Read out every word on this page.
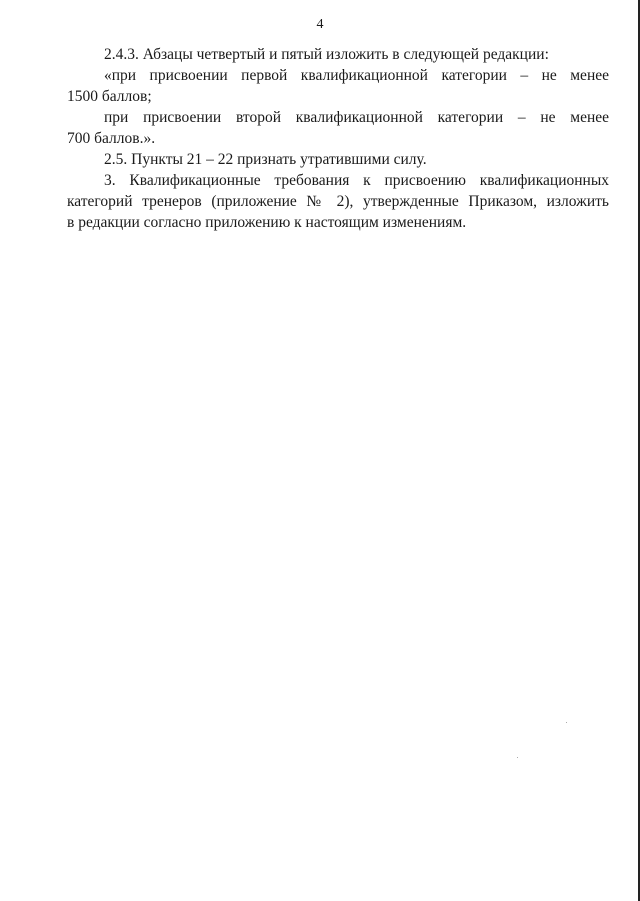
4
2.4.3. Абзацы четвертый и пятый изложить в следующей редакции:
«при присвоении первой квалификационной категории – не менее
1500 баллов;
при присвоении второй квалификационной категории – не менее
700 баллов.».
2.5. Пункты 21 – 22 признать утратившими силу.
3. Квалификационные требования к присвоению квалификационных
категорий тренеров (приложение № 2), утвержденные Приказом, изложить
в редакции согласно приложению к настоящим изменениям.
